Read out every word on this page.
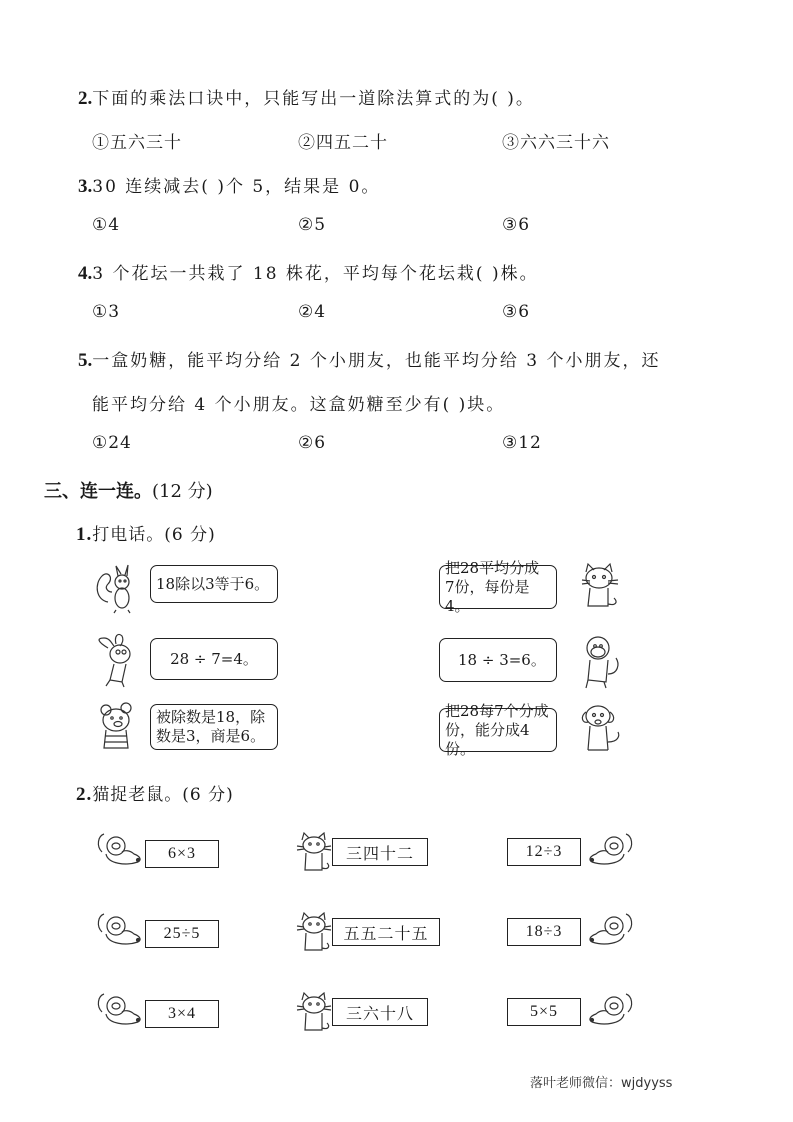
2.下面的乘法口诀中，只能写出一道除法算式的为( )。
①五六三十	②四五二十	③六六三十六
3.30 连续减去( )个 5，结果是 0。
①4	②5	③6
4.3 个花坛一共栽了 18 株花，平均每个花坛栽( )株。
①3	②4	③6
5.一盒奶糖，能平均分给 2 个小朋友，也能平均分给 3 个小朋友，还
能平均分给 4 个小朋友。这盒奶糖至少有( )块。
①24	②6	③12
三、连一连。(12 分)
1.打电话。(6 分)
18除以3等于6。
28 ÷ 7=4。
被除数是18，除
数是3，商是6。
把28平均分成
7份，每份是4。
18 ÷ 3=6。
把28每7个分成
份，能分成4份。
2.猫捉老鼠。(6 分)
6×3	三四十二	12÷3
25÷5	五五二十五	18÷3
3×4	三六十八	5×5
落叶老师微信：wjdyyss
